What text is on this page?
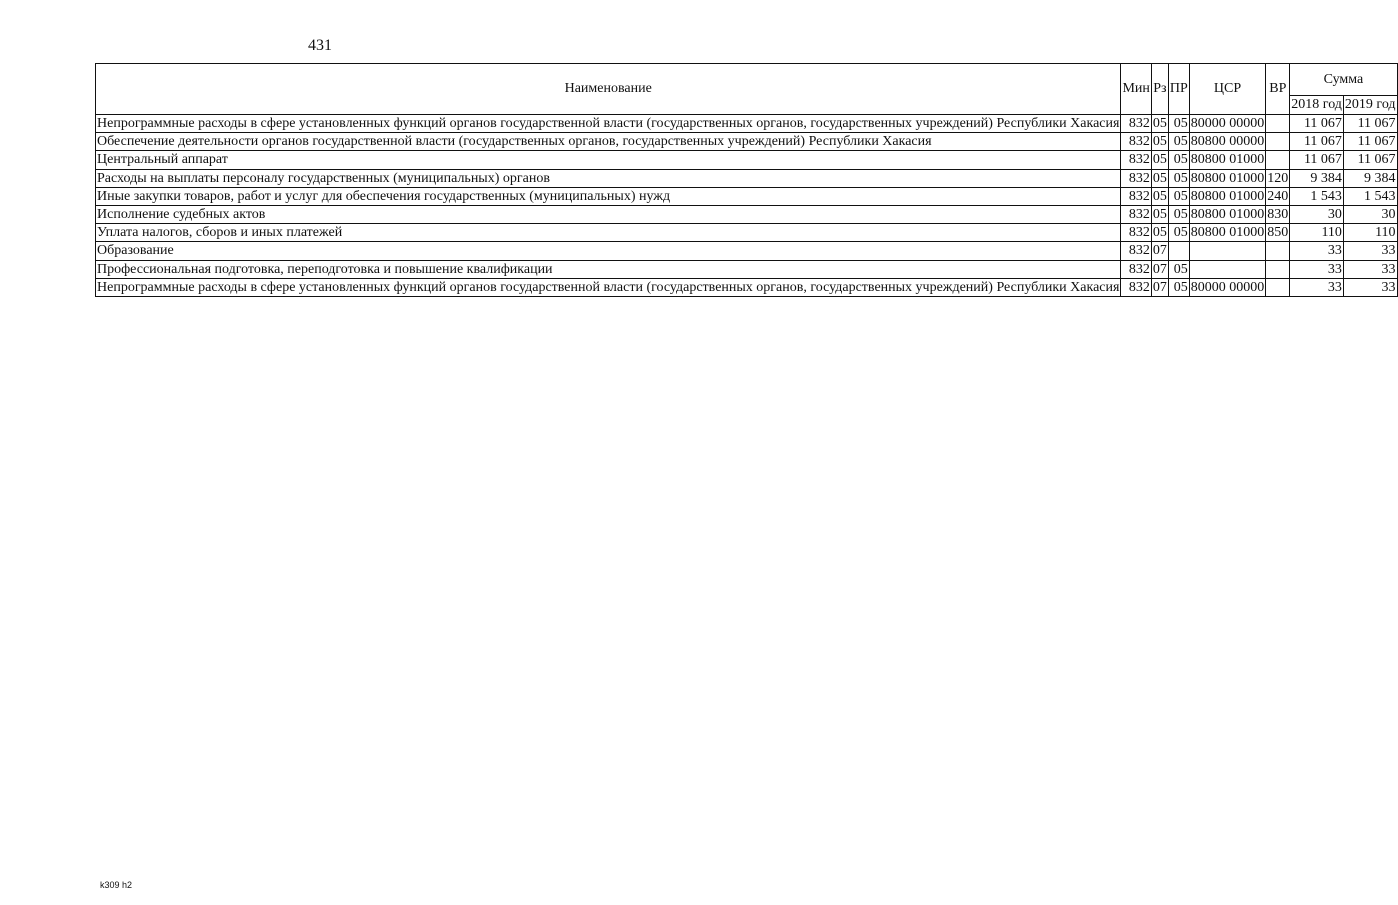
431
Наименование	Мин	Рз	ПР	ЦСР	ВР	Сумма	
						2018 год	2019 год
Непрограммные расходы в сфере установленных функций органов государственной власти (государственных органов, государственных учреждений) Республики Хакасия	832	05	05	80000 00000		11 067	11 067
Обеспечение деятельности органов государственной власти (государственных органов, государственных учреждений) Республики Хакасия	832	05	05	80800 00000		11 067	11 067
Центральный аппарат	832	05	05	80800 01000		11 067	11 067
Расходы на выплаты персоналу государственных (муниципальных) органов	832	05	05	80800 01000	120	9 384	9 384
Иные закупки товаров, работ и услуг для обеспечения государственных (муниципальных) нужд	832	05	05	80800 01000	240	1 543	1 543
Исполнение судебных актов	832	05	05	80800 01000	830	30	30
Уплата налогов, сборов и иных платежей	832	05	05	80800 01000	850	110	110
Образование	832	07				33	33
Профессиональная подготовка, переподготовка и повышение квалификации	832	07	05			33	33
Непрограммные расходы в сфере установленных функций органов государственной власти (государственных органов, государственных учреждений) Республики Хакасия	832	07	05	80000 00000		33	33
k309 h2
